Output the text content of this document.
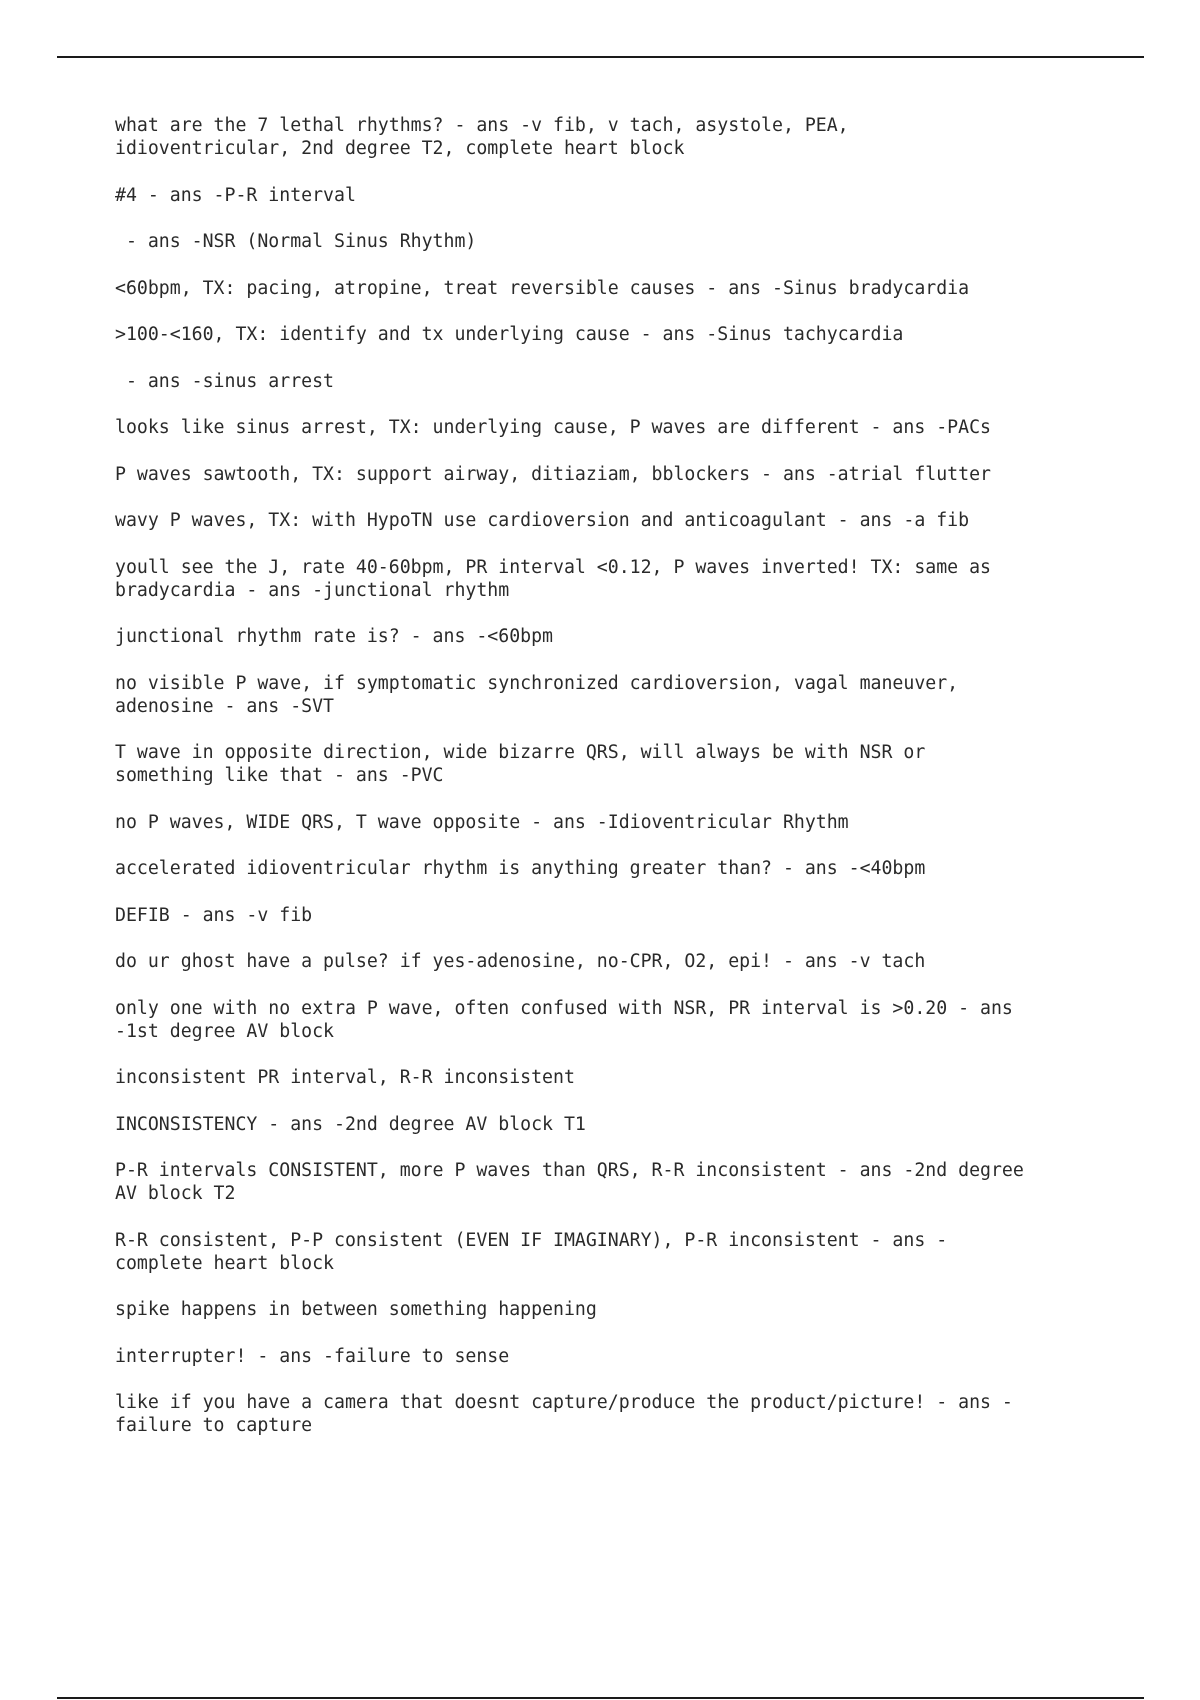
what are the 7 lethal rhythms? - ans -v fib, v tach, asystole, PEA,
idioventricular, 2nd degree T2, complete heart block
#4 - ans -P-R interval
- ans -NSR (Normal Sinus Rhythm)
<60bpm, TX: pacing, atropine, treat reversible causes - ans -Sinus bradycardia
>100-<160, TX: identify and tx underlying cause - ans -Sinus tachycardia
- ans -sinus arrest
looks like sinus arrest, TX: underlying cause, P waves are different - ans -PACs
P waves sawtooth, TX: support airway, ditiaziam, bblockers - ans -atrial flutter
wavy P waves, TX: with HypoTN use cardioversion and anticoagulant - ans -a fib
youll see the J, rate 40-60bpm, PR interval <0.12, P waves inverted! TX: same as
bradycardia - ans -junctional rhythm
junctional rhythm rate is? - ans -<60bpm
no visible P wave, if symptomatic synchronized cardioversion, vagal maneuver,
adenosine - ans -SVT
T wave in opposite direction, wide bizarre QRS, will always be with NSR or
something like that - ans -PVC
no P waves, WIDE QRS, T wave opposite - ans -Idioventricular Rhythm
accelerated idioventricular rhythm is anything greater than? - ans -<40bpm
DEFIB - ans -v fib
do ur ghost have a pulse? if yes-adenosine, no-CPR, O2, epi! - ans -v tach
only one with no extra P wave, often confused with NSR, PR interval is >0.20 - ans
-1st degree AV block
inconsistent PR interval, R-R inconsistent
INCONSISTENCY - ans -2nd degree AV block T1
P-R intervals CONSISTENT, more P waves than QRS, R-R inconsistent - ans -2nd degree
AV block T2
R-R consistent, P-P consistent (EVEN IF IMAGINARY), P-R inconsistent - ans -
complete heart block
spike happens in between something happening
interrupter! - ans -failure to sense
like if you have a camera that doesnt capture/produce the product/picture! - ans -
failure to capture
